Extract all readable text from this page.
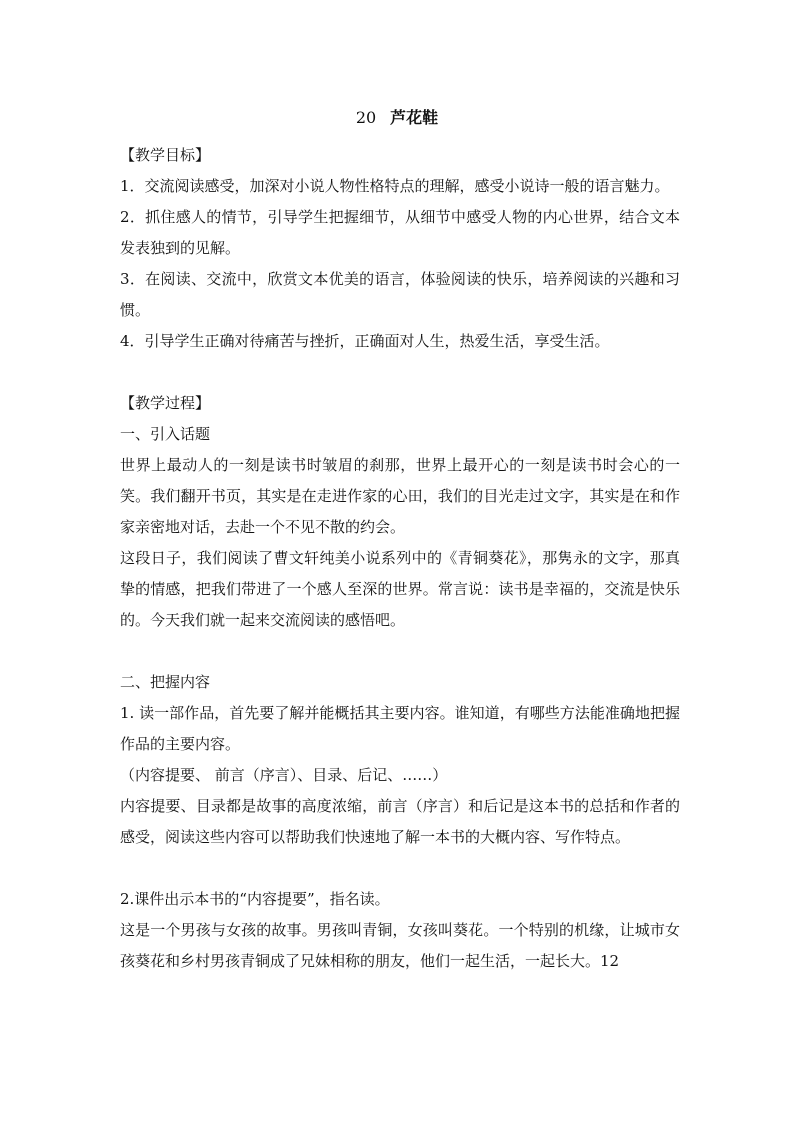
20 芦花鞋

【教学目标】

1．交流阅读感受，加深对小说人物性格特点的理解，感受小说诗一般的语言魅力。

2．抓住感人的情节，引导学生把握细节，从细节中感受人物的内心世界，结合文本发表独到的见解。

3．在阅读、交流中，欣赏文本优美的语言，体验阅读的快乐，培养阅读的兴趣和习惯。

4．引导学生正确对待痛苦与挫折，正确面对人生，热爱生活，享受生活。

【教学过程】

一、引入话题

世界上最动人的一刻是读书时皱眉的刹那，世界上最开心的一刻是读书时会心的一笑。我们翻开书页，其实是在走进作家的心田，我们的目光走过文字，其实是在和作家亲密地对话，去赴一个不见不散的约会。

这段日子，我们阅读了曹文轩纯美小说系列中的《青铜葵花》，那隽永的文字，那真挚的情感，把我们带进了一个感人至深的世界。常言说：读书是幸福的，交流是快乐的。今天我们就一起来交流阅读的感悟吧。

二、把握内容

1. 读一部作品，首先要了解并能概括其主要内容。谁知道，有哪些方法能准确地把握作品的主要内容。

（内容提要、 前言（序言）、目录、后记、……）

内容提要、目录都是故事的高度浓缩，前言（序言）和后记是这本书的总括和作者的感受，阅读这些内容可以帮助我们快速地了解一本书的大概内容、写作特点。

2.课件出示本书的“内容提要”，指名读。

这是一个男孩与女孩的故事。男孩叫青铜，女孩叫葵花。一个特别的机缘，让城市女孩葵花和乡村男孩青铜成了兄妹相称的朋友，他们一起生活，一起长大。12
